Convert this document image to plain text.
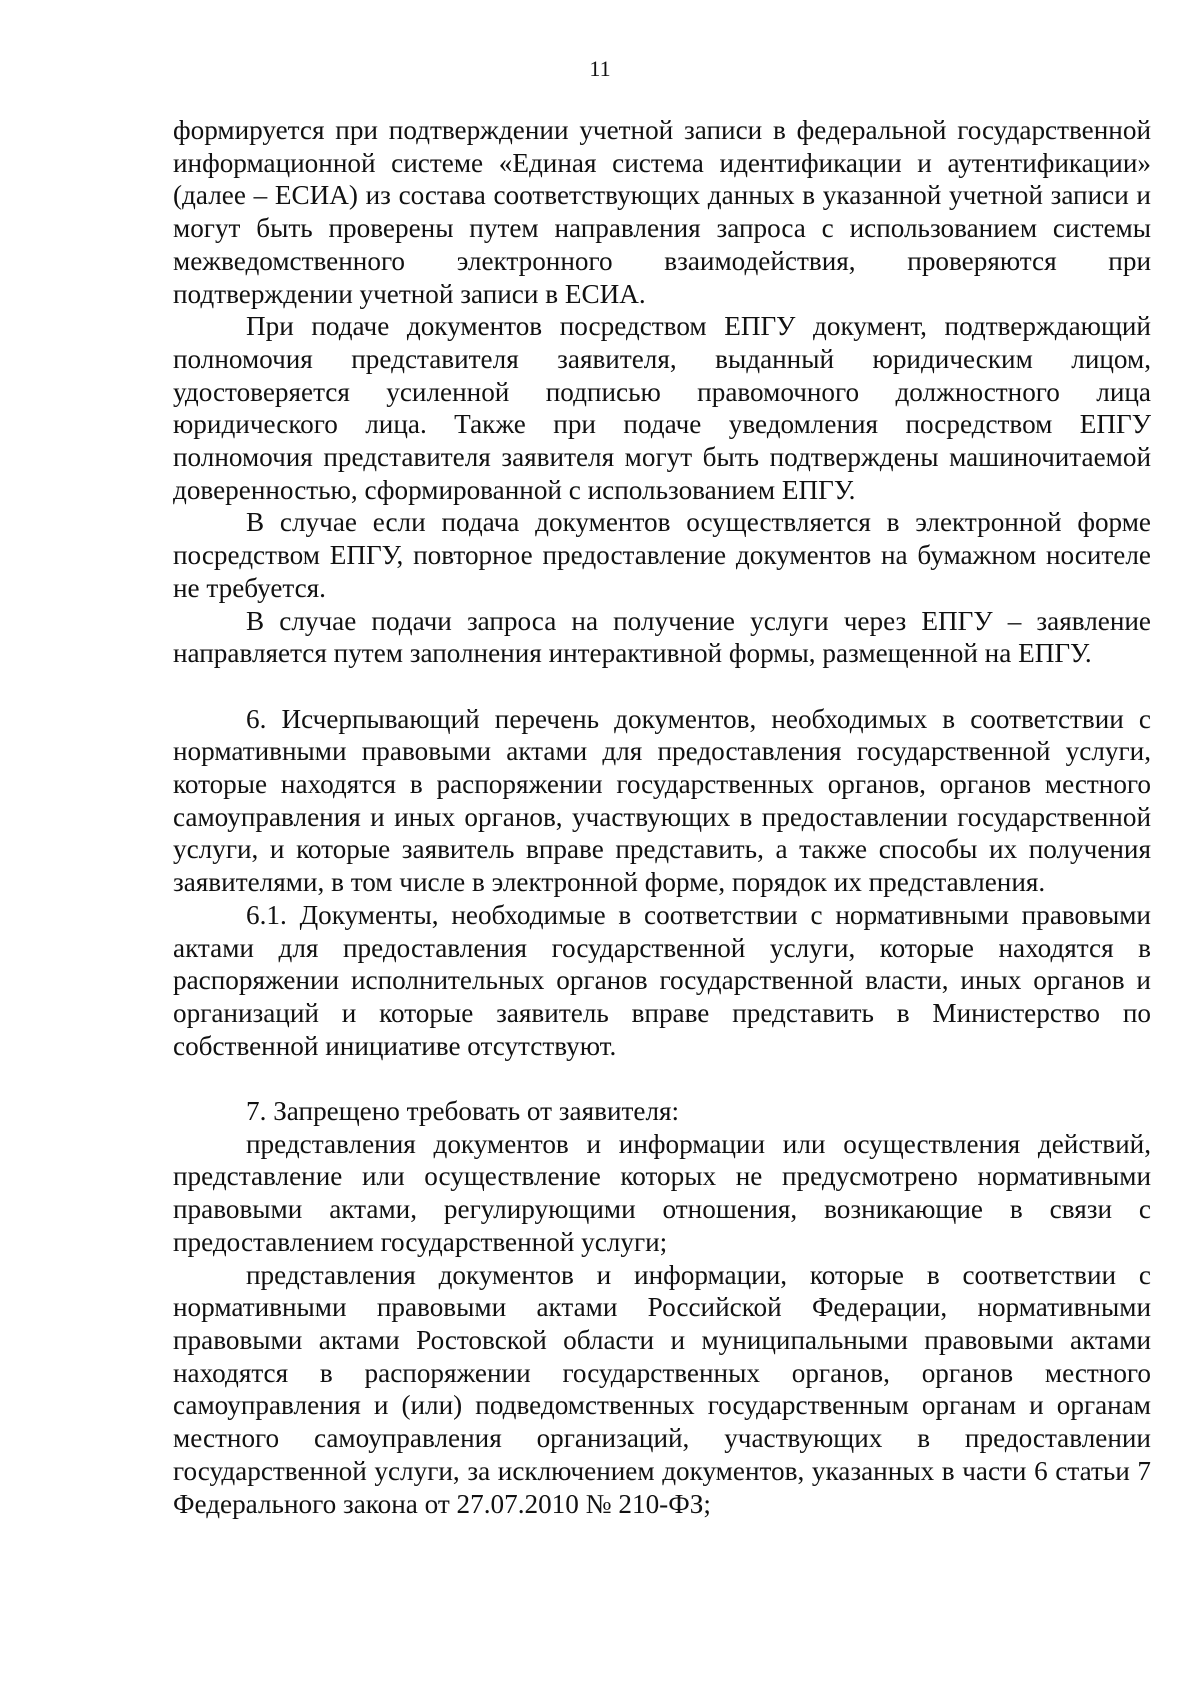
11

формируется при подтверждении учетной записи в федеральной государственной информационной системе «Единая система идентификации и аутентификации» (далее – ЕСИА) из состава соответствующих данных в указанной учетной записи и могут быть проверены путем направления запроса с использованием системы межведомственного электронного взаимодействия, проверяются при подтверждении учетной записи в ЕСИА.

При подаче документов посредством ЕПГУ документ, подтверждающий полномочия представителя заявителя, выданный юридическим лицом, удостоверяется усиленной подписью правомочного должностного лица юридического лица. Также при подаче уведомления посредством ЕПГУ полномочия представителя заявителя могут быть подтверждены машиночитаемой доверенностью, сформированной с использованием ЕПГУ.

В случае если подача документов осуществляется в электронной форме посредством ЕПГУ, повторное предоставление документов на бумажном носителе не требуется.

В случае подачи запроса на получение услуги через ЕПГУ – заявление направляется путем заполнения интерактивной формы, размещенной на ЕПГУ.

6. Исчерпывающий перечень документов, необходимых в соответствии с нормативными правовыми актами для предоставления государственной услуги, которые находятся в распоряжении государственных органов, органов местного самоуправления и иных органов, участвующих в предоставлении государственной услуги, и которые заявитель вправе представить, а также способы их получения заявителями, в том числе в электронной форме, порядок их представления.

6.1. Документы, необходимые в соответствии с нормативными правовыми актами для предоставления государственной услуги, которые находятся в распоряжении исполнительных органов государственной власти, иных органов и организаций и которые заявитель вправе представить в Министерство по собственной инициативе отсутствуют.

7. Запрещено требовать от заявителя:

представления документов и информации или осуществления действий, представление или осуществление которых не предусмотрено нормативными правовыми актами, регулирующими отношения, возникающие в связи с предоставлением государственной услуги;

представления документов и информации, которые в соответствии с нормативными правовыми актами Российской Федерации, нормативными правовыми актами Ростовской области и муниципальными правовыми актами находятся в распоряжении государственных органов, органов местного самоуправления и (или) подведомственных государственным органам и органам местного самоуправления организаций, участвующих в предоставлении государственной услуги, за исключением документов, указанных в части 6 статьи 7 Федерального закона от 27.07.2010 № 210-ФЗ;
